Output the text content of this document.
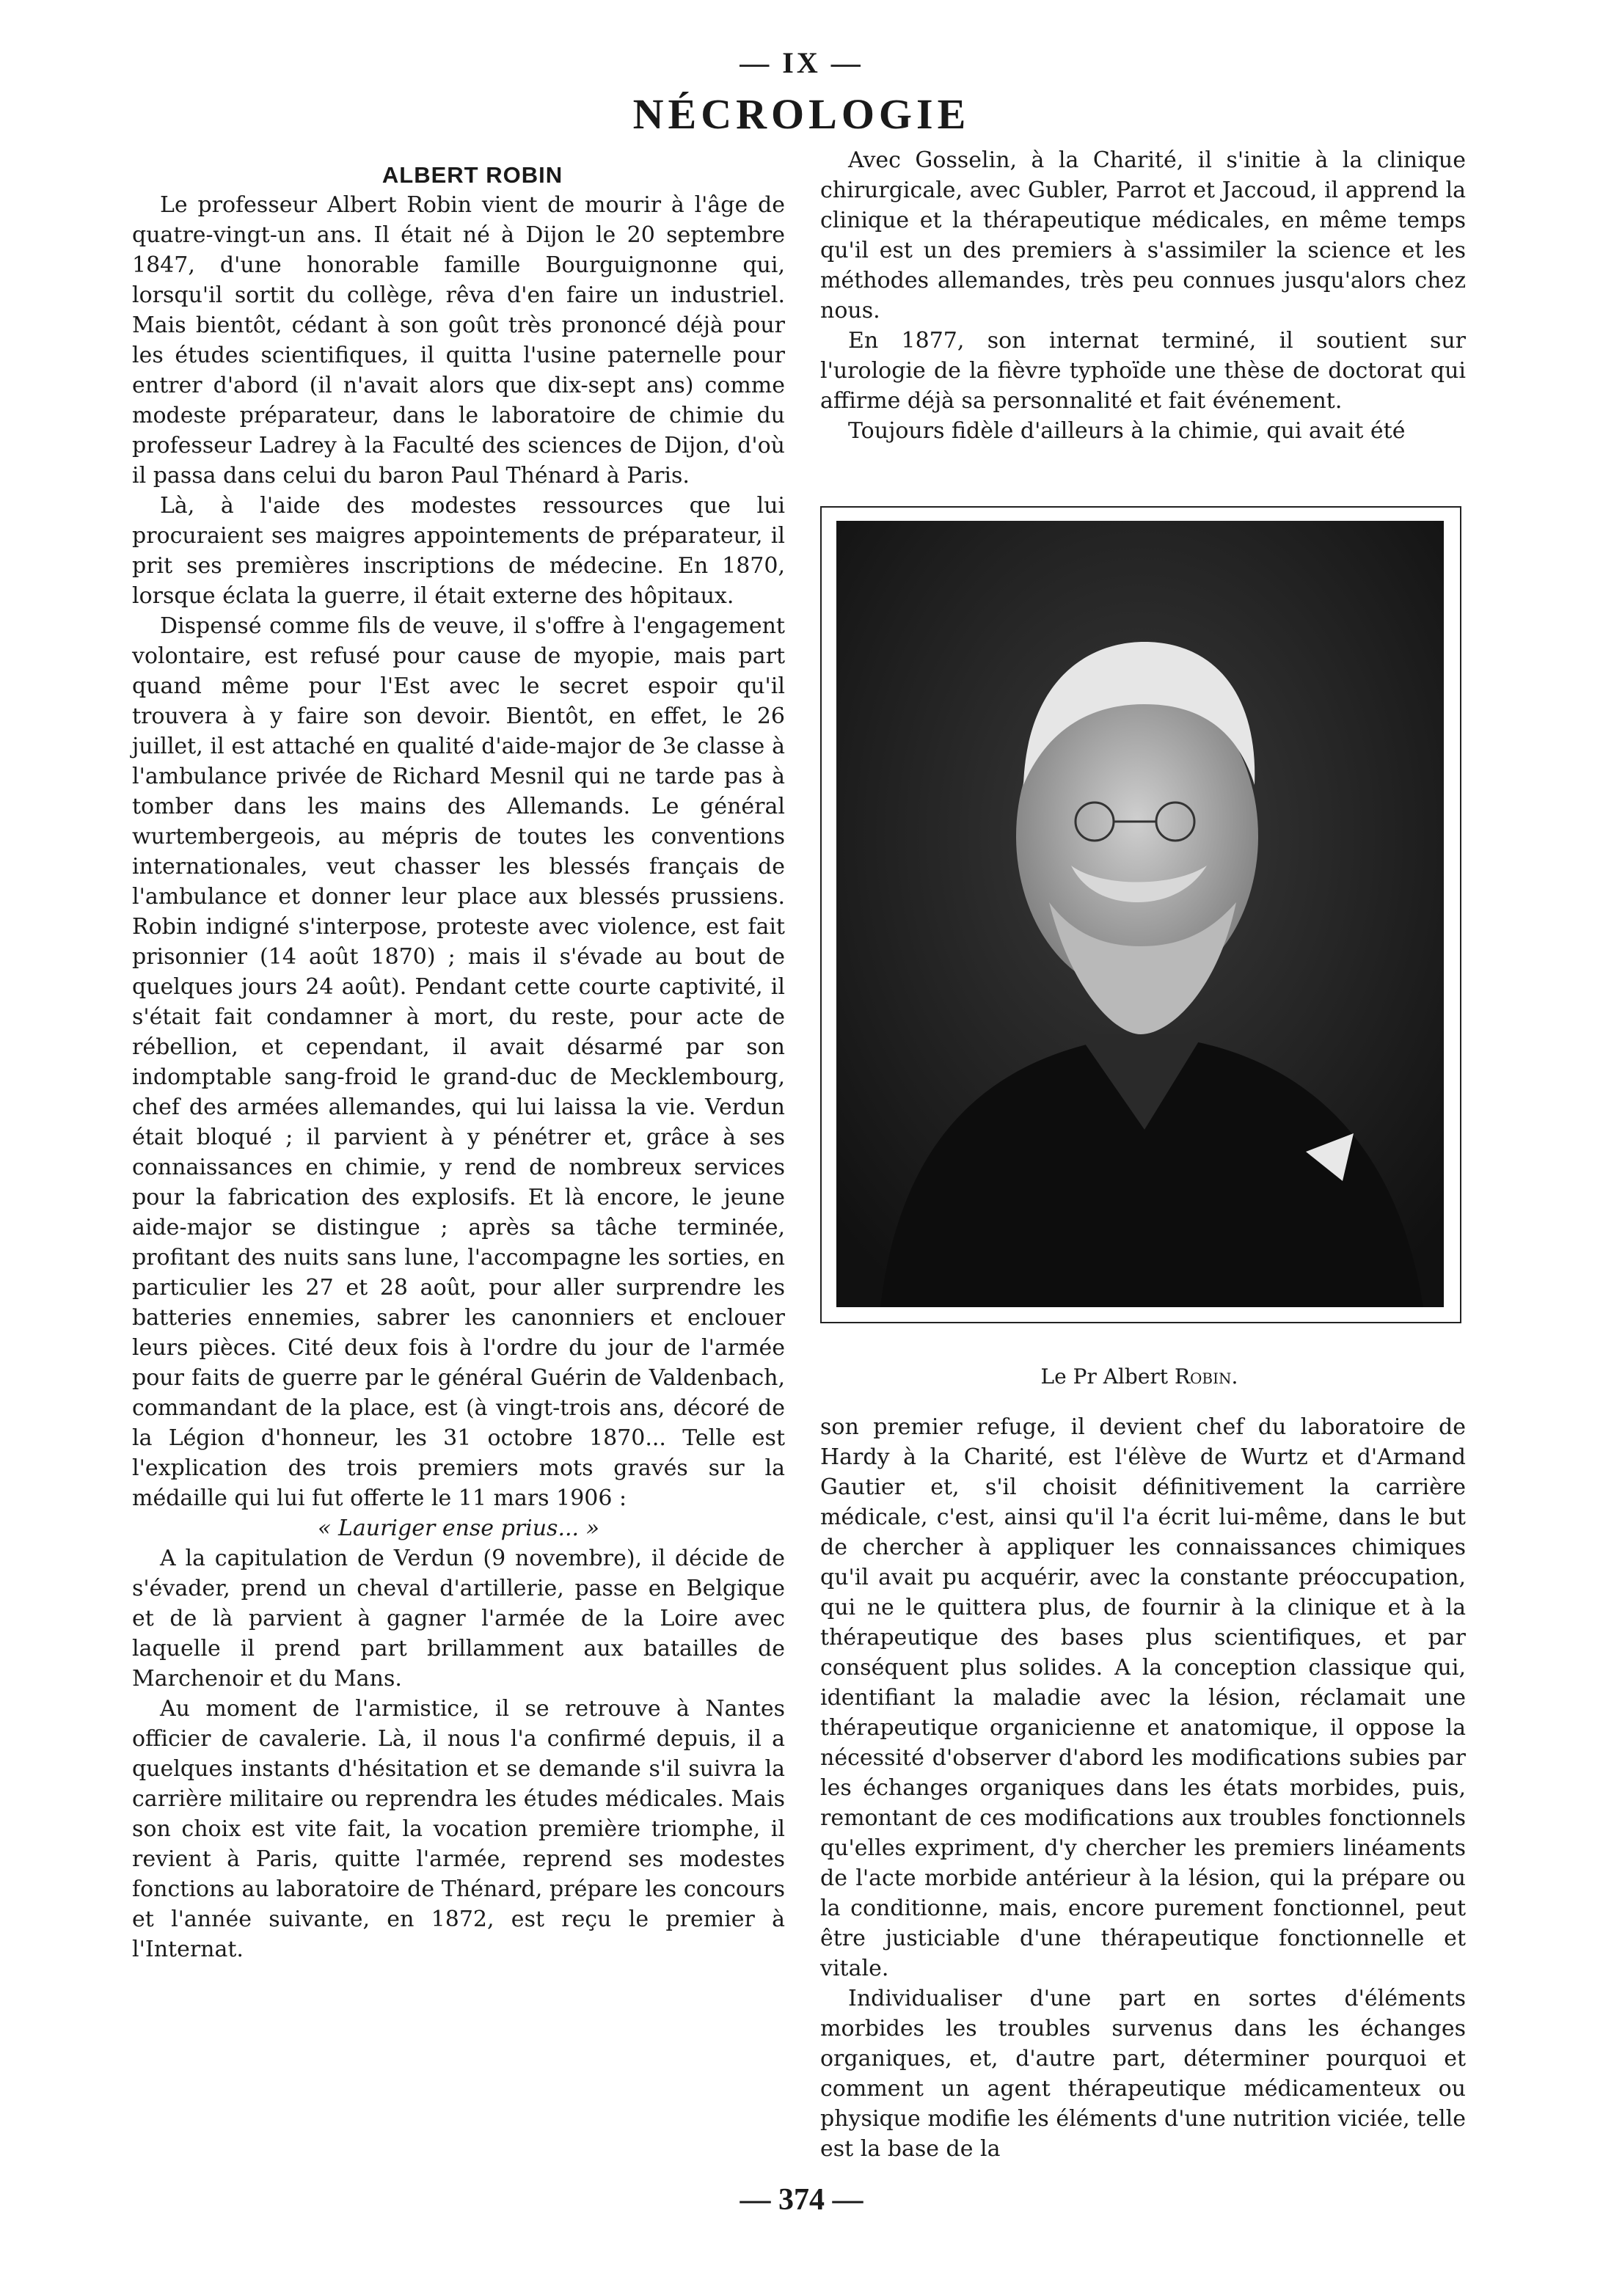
— IX —
NÉCROLOGIE

ALBERT ROBIN

Le professeur Albert Robin vient de mourir à l'âge de quatre-vingt-un ans. Il était né à Dijon le 20 septembre 1847, d'une honorable famille Bourguignonne qui, lorsqu'il sortit du collège, rêva d'en faire un industriel. Mais bientôt, cédant à son goût très prononcé déjà pour les études scientifiques, il quitta l'usine paternelle pour entrer d'abord (il n'avait alors que dix-sept ans) comme modeste préparateur, dans le laboratoire de chimie du professeur Ladrey à la Faculté des sciences de Dijon, d'où il passa dans celui du baron Paul Thénard à Paris.

Là, à l'aide des modestes ressources que lui procuraient ses maigres appointements de préparateur, il prit ses premières inscriptions de médecine. En 1870, lorsque éclata la guerre, il était externe des hôpitaux.

Dispensé comme fils de veuve, il s'offre à l'engagement volontaire, est refusé pour cause de myopie, mais part quand même pour l'Est avec le secret espoir qu'il trouvera à y faire son devoir. Bientôt, en effet, le 26 juillet, il est attaché en qualité d'aide-major de 3e classe à l'ambulance privée de Richard Mesnil qui ne tarde pas à tomber dans les mains des Allemands. Le général wurtembergeois, au mépris de toutes les conventions internationales, veut chasser les blessés français de l'ambulance et donner leur place aux blessés prussiens. Robin indigné s'interpose, proteste avec violence, est fait prisonnier (14 août 1870) ; mais il s'évade au bout de quelques jours 24 août). Pendant cette courte captivité, il s'était fait condamner à mort, du reste, pour acte de rébellion, et cependant, il avait désarmé par son indomptable sang-froid le grand-duc de Mecklembourg, chef des armées allemandes, qui lui laissa la vie. Verdun était bloqué ; il parvient à y pénétrer et, grâce à ses connaissances en chimie, y rend de nombreux services pour la fabrication des explosifs. Et là encore, le jeune aide-major se distingue ; après sa tâche terminée, profitant des nuits sans lune, l'accompagne les sorties, en particulier les 27 et 28 août, pour aller surprendre les batteries ennemies, sabrer les canonniers et enclouer leurs pièces. Cité deux fois à l'ordre du jour de l'armée pour faits de guerre par le général Guérin de Valdenbach, commandant de la place, est (à vingt-trois ans, décoré de la Légion d'honneur, les 31 octobre 1870... Telle est l'explication des trois premiers mots gravés sur la médaille qui lui fut offerte le 11 mars 1906 :

« Lauriger ense prius... »

A la capitulation de Verdun (9 novembre), il décide de s'évader, prend un cheval d'artillerie, passe en Belgique et de là parvient à gagner l'armée de la Loire avec laquelle il prend part brillamment aux batailles de Marchenoir et du Mans.

Au moment de l'armistice, il se retrouve à Nantes officier de cavalerie. Là, il nous l'a confirmé depuis, il a quelques instants d'hésitation et se demande s'il suivra la carrière militaire ou reprendra les études médicales. Mais son choix est vite fait, la vocation première triomphe, il revient à Paris, quitte l'armée, reprend ses modestes fonctions au laboratoire de Thénard, prépare les concours et l'année suivante, en 1872, est reçu le premier à l'Internat.

Avec Gosselin, à la Charité, il s'initie à la clinique chirurgicale, avec Gubler, Parrot et Jaccoud, il apprend la clinique et la thérapeutique médicales, en même temps qu'il est un des premiers à s'assimiler la science et les méthodes allemandes, très peu connues jusqu'alors chez nous.

En 1877, son internat terminé, il soutient sur l'urologie de la fièvre typhoïde une thèse de doctorat qui affirme déjà sa personnalité et fait événement.

Toujours fidèle d'ailleurs à la chimie, qui avait été

Le Pr Albert Robin.

son premier refuge, il devient chef du laboratoire de Hardy à la Charité, est l'élève de Wurtz et d'Armand Gautier et, s'il choisit définitivement la carrière médicale, c'est, ainsi qu'il l'a écrit lui-même, dans le but de chercher à appliquer les connaissances chimiques qu'il avait pu acquérir, avec la constante préoccupation, qui ne le quittera plus, de fournir à la clinique et à la thérapeutique des bases plus scientifiques, et par conséquent plus solides. A la conception classique qui, identifiant la maladie avec la lésion, réclamait une thérapeutique organicienne et anatomique, il oppose la nécessité d'observer d'abord les modifications subies par les échanges organiques dans les états morbides, puis, remontant de ces modifications aux troubles fonctionnels qu'elles expriment, d'y chercher les premiers linéaments de l'acte morbide antérieur à la lésion, qui la prépare ou la conditionne, mais, encore purement fonctionnel, peut être justiciable d'une thérapeutique fonctionnelle et vitale.

Individualiser d'une part en sortes d'éléments morbides les troubles survenus dans les échanges organiques, et, d'autre part, déterminer pourquoi et comment un agent thérapeutique médicamenteux ou physique modifie les éléments d'une nutrition viciée, telle est la base de la

— 374 —
